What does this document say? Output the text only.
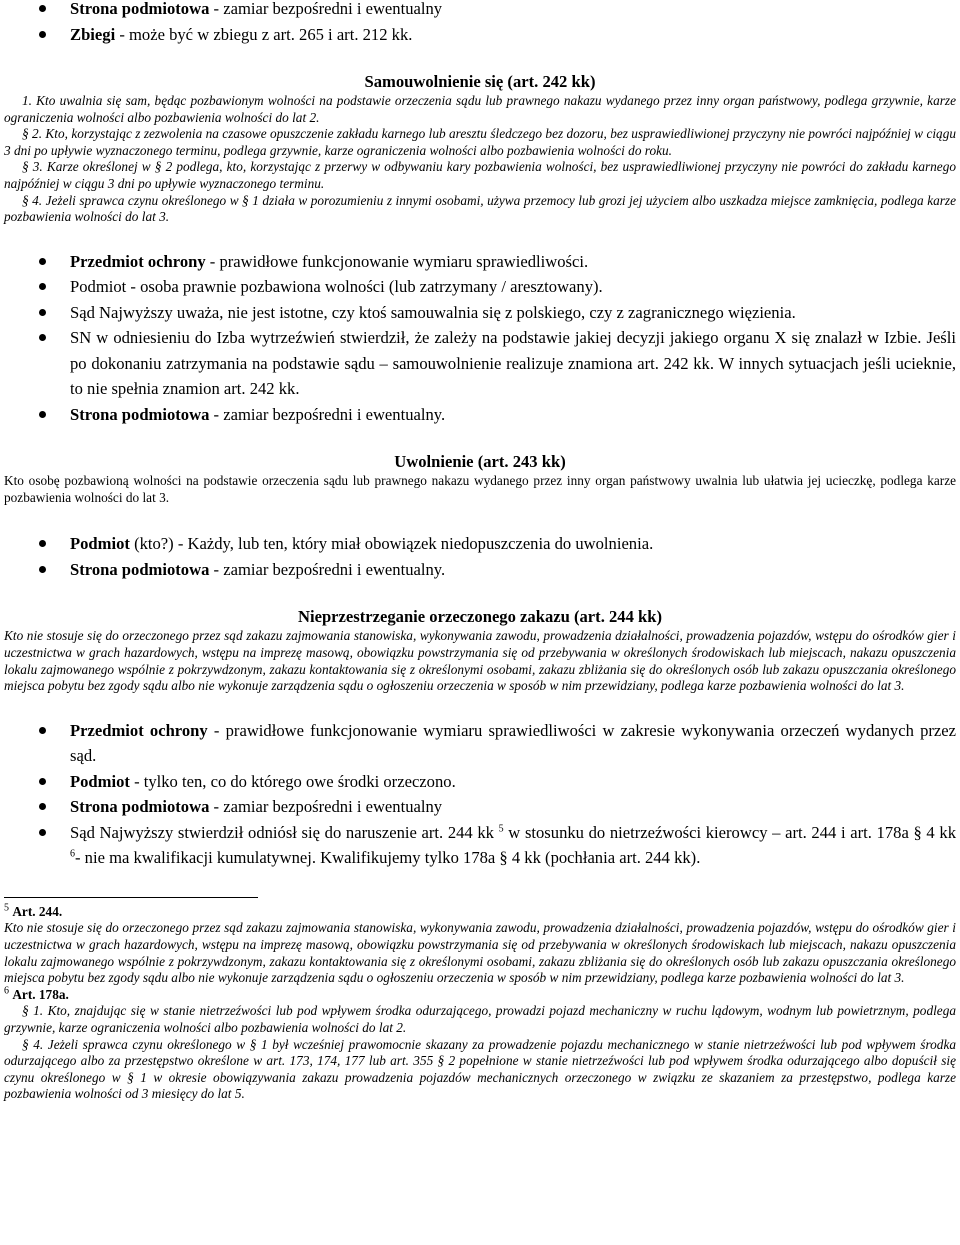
Strona podmiotowa - zamiar bezpośredni i ewentualny
Zbiegi - może być w zbiegu z art. 265 i art. 212 kk.
Samouwolnienie się (art. 242 kk)

1. Kto uwalnia się sam, będąc pozbawionym wolności na podstawie orzeczenia sądu lub prawnego nakazu wydanego przez inny organ państwowy, podlega grzywnie, karze ograniczenia wolności albo pozbawienia wolności do lat 2.

§ 2. Kto, korzystając z zezwolenia na czasowe opuszczenie zakładu karnego lub aresztu śledczego bez dozoru, bez usprawiedliwionej przyczyny nie powróci najpóźniej w ciągu 3 dni po upływie wyznaczonego terminu, podlega grzywnie, karze ograniczenia wolności albo pozbawienia wolności do roku.

§ 3. Karze określonej w § 2 podlega, kto, korzystając z przerwy w odbywaniu kary pozbawienia wolności, bez usprawiedliwionej przyczyny nie powróci do zakładu karnego najpóźniej w ciągu 3 dni po upływie wyznaczonego terminu.

§ 4. Jeżeli sprawca czynu określonego w § 1 działa w porozumieniu z innymi osobami, używa przemocy lub grozi jej użyciem albo uszkadza miejsce zamknięcia, podlega karze pozbawienia wolności do lat 3.

Przedmiot ochrony - prawidłowe funkcjonowanie wymiaru sprawiedliwości.
Podmiot - osoba prawnie pozbawiona wolności (lub zatrzymany / aresztowany).
Sąd Najwyższy uważa, nie jest istotne, czy ktoś samouwalnia się z polskiego, czy z zagranicznego więzienia.
SN w odniesieniu do Izba wytrzeźwień stwierdził, że zależy na podstawie jakiej decyzji jakiego organu X się znalazł w Izbie. Jeśli po dokonaniu zatrzymania na podstawie sądu – samouwolnienie realizuje znamiona art. 242 kk. W innych sytuacjach jeśli ucieknie, to nie spełnia znamion art. 242 kk.
Strona podmiotowa - zamiar bezpośredni i ewentualny.
Uwolnienie (art. 243 kk)

Kto osobę pozbawioną wolności na podstawie orzeczenia sądu lub prawnego nakazu wydanego przez inny organ państwowy uwalnia lub ułatwia jej ucieczkę, podlega karze pozbawienia wolności do lat 3.

Podmiot (kto?) - Każdy, lub ten, który miał obowiązek niedopuszczenia do uwolnienia.
Strona podmiotowa - zamiar bezpośredni i ewentualny.
Nieprzestrzeganie orzeczonego zakazu (art. 244 kk)

Kto nie stosuje się do orzeczonego przez sąd zakazu zajmowania stanowiska, wykonywania zawodu, prowadzenia działalności, prowadzenia pojazdów, wstępu do ośrodków gier i uczestnictwa w grach hazardowych, wstępu na imprezę masową, obowiązku powstrzymania się od przebywania w określonych środowiskach lub miejscach, nakazu opuszczenia lokalu zajmowanego wspólnie z pokrzywdzonym, zakazu kontaktowania się z określonymi osobami, zakazu zbliżania się do określonych osób lub zakazu opuszczania określonego miejsca pobytu bez zgody sądu albo nie wykonuje zarządzenia sądu o ogłoszeniu orzeczenia w sposób w nim przewidziany, podlega karze pozbawienia wolności do lat 3.

Przedmiot ochrony - prawidłowe funkcjonowanie wymiaru sprawiedliwości w zakresie wykonywania orzeczeń wydanych przez sąd.
Podmiot - tylko ten, co do którego owe środki orzeczono.
Strona podmiotowa - zamiar bezpośredni i ewentualny
Sąd Najwyższy stwierdził odniósł się do naruszenie art. 244 kk $^5$ w stosunku do nietrzeźwości kierowcy – art. 244 i art. 178a § 4 kk $^6$- nie ma kwalifikacji kumulatywnej. Kwalifikujemy tylko 178a § 4 kk (pochłania art. 244 kk).

$^5$ Art. 244.

Kto nie stosuje się do orzeczonego przez sąd zakazu zajmowania stanowiska, wykonywania zawodu, prowadzenia działalności, prowadzenia pojazdów, wstępu do ośrodków gier i uczestnictwa w grach hazardowych, wstępu na imprezę masową, obowiązku powstrzymania się od przebywania w określonych środowiskach lub miejscach, nakazu opuszczenia lokalu zajmowanego wspólnie z pokrzywdzonym, zakazu kontaktowania się z określonymi osobami, zakazu zbliżania się do określonych osób lub zakazu opuszczania określonego miejsca pobytu bez zgody sądu albo nie wykonuje zarządzenia sądu o ogłoszeniu orzeczenia w sposób w nim przewidziany, podlega karze pozbawienia wolności do lat 3.

$^6$ Art. 178a.

§ 1. Kto, znajdując się w stanie nietrzeźwości lub pod wpływem środka odurzającego, prowadzi pojazd mechaniczny w ruchu lądowym, wodnym lub powietrznym, podlega grzywnie, karze ograniczenia wolności albo pozbawienia wolności do lat 2.

§ 4. Jeżeli sprawca czynu określonego w § 1 był wcześniej prawomocnie skazany za prowadzenie pojazdu mechanicznego w stanie nietrzeźwości lub pod wpływem środka odurzającego albo za przestępstwo określone w art. 173, 174, 177 lub art. 355 § 2 popełnione w stanie nietrzeźwości lub pod wpływem środka odurzającego albo dopuścił się czynu określonego w § 1 w okresie obowiązywania zakazu prowadzenia pojazdów mechanicznych orzeczonego w związku ze skazaniem za przestępstwo, podlega karze pozbawienia wolności od 3 miesięcy do lat 5.
